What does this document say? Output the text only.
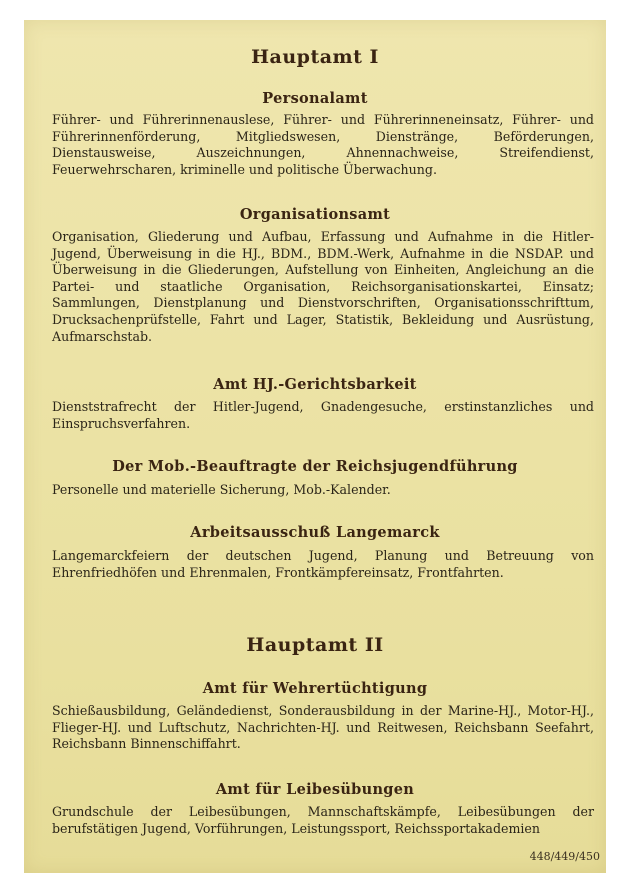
Hauptamt I
Personalamt
Führer- und Führerinnenauslese, Führer- und Führerinneneinsatz, Führer- und Führerinnenförderung, Mitgliedswesen, Dienstränge, Beförderungen, Dienstausweise, Auszeichnungen, Ahnennachweise, Streifendienst, Feuerwehrscharen, kriminelle und politische Überwachung.
Organisationsamt
Organisation, Gliederung und Aufbau, Erfassung und Aufnahme in die Hitler-Jugend, Überweisung in die HJ., BDM., BDM.-Werk, Aufnahme in die NSDAP. und Überweisung in die Gliederungen, Aufstellung von Einheiten, Angleichung an die Partei- und staatliche Organisation, Reichsorganisationskartei, Einsatz; Sammlungen, Dienstplanung und Dienstvorschriften, Organisationsschrifttum, Drucksachenprüfstelle, Fahrt und Lager, Statistik, Bekleidung und Ausrüstung, Aufmarschstab.
Amt HJ.-Gerichtsbarkeit
Dienststrafrecht der Hitler-Jugend, Gnadengesuche, erstinstanzliches und Einspruchsverfahren.
Der Mob.-Beauftragte der Reichsjugendführung
Personelle und materielle Sicherung, Mob.-Kalender.
Arbeitsausschuß Langemarck
Langemarckfeiern der deutschen Jugend, Planung und Betreuung von Ehrenfriedhöfen und Ehrenmalen, Frontkämpfereinsatz, Frontfahrten.
Hauptamt II
Amt für Wehrertüchtigung
Schießausbildung, Geländedienst, Sonderausbildung in der Marine-HJ., Motor-HJ., Flieger-HJ. und Luftschutz, Nachrichten-HJ. und Reitwesen, Reichsbann Seefahrt, Reichsbann Binnenschiffahrt.
Amt für Leibesübungen
Grundschule der Leibesübungen, Mannschaftskämpfe, Leibesübungen der berufstätigen Jugend, Vorführungen, Leistungssport, Reichssportakademien
448/449/450
